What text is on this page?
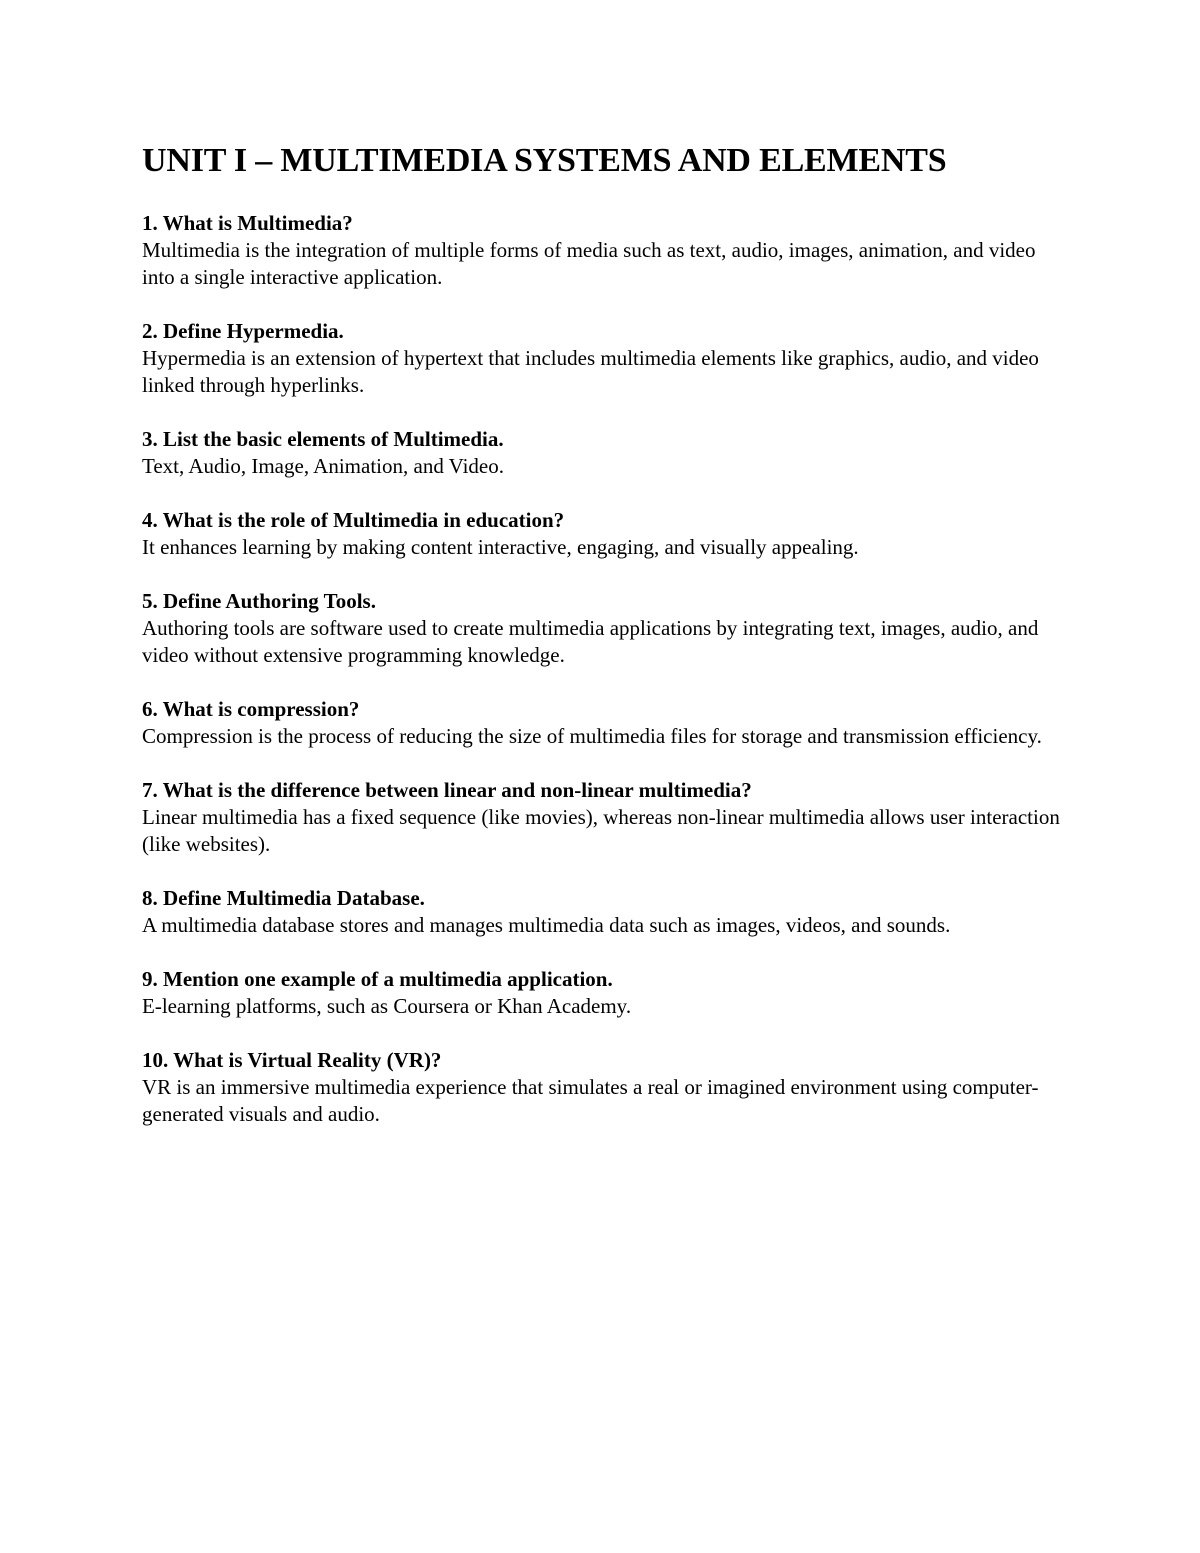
UNIT I – MULTIMEDIA SYSTEMS AND ELEMENTS

1. What is Multimedia?

Multimedia is the integration of multiple forms of media such as text, audio, images, animation, and video into a single interactive application.

2. Define Hypermedia.

Hypermedia is an extension of hypertext that includes multimedia elements like graphics, audio, and video linked through hyperlinks.

3. List the basic elements of Multimedia.

Text, Audio, Image, Animation, and Video.

4. What is the role of Multimedia in education?

It enhances learning by making content interactive, engaging, and visually appealing.

5. Define Authoring Tools.

Authoring tools are software used to create multimedia applications by integrating text, images, audio, and video without extensive programming knowledge.

6. What is compression?

Compression is the process of reducing the size of multimedia files for storage and transmission efficiency.

7. What is the difference between linear and non-linear multimedia?

Linear multimedia has a fixed sequence (like movies), whereas non-linear multimedia allows user interaction (like websites).

8. Define Multimedia Database.

A multimedia database stores and manages multimedia data such as images, videos, and sounds.

9. Mention one example of a multimedia application.

E-learning platforms, such as Coursera or Khan Academy.

10. What is Virtual Reality (VR)?

VR is an immersive multimedia experience that simulates a real or imagined environment using computer-generated visuals and audio.
